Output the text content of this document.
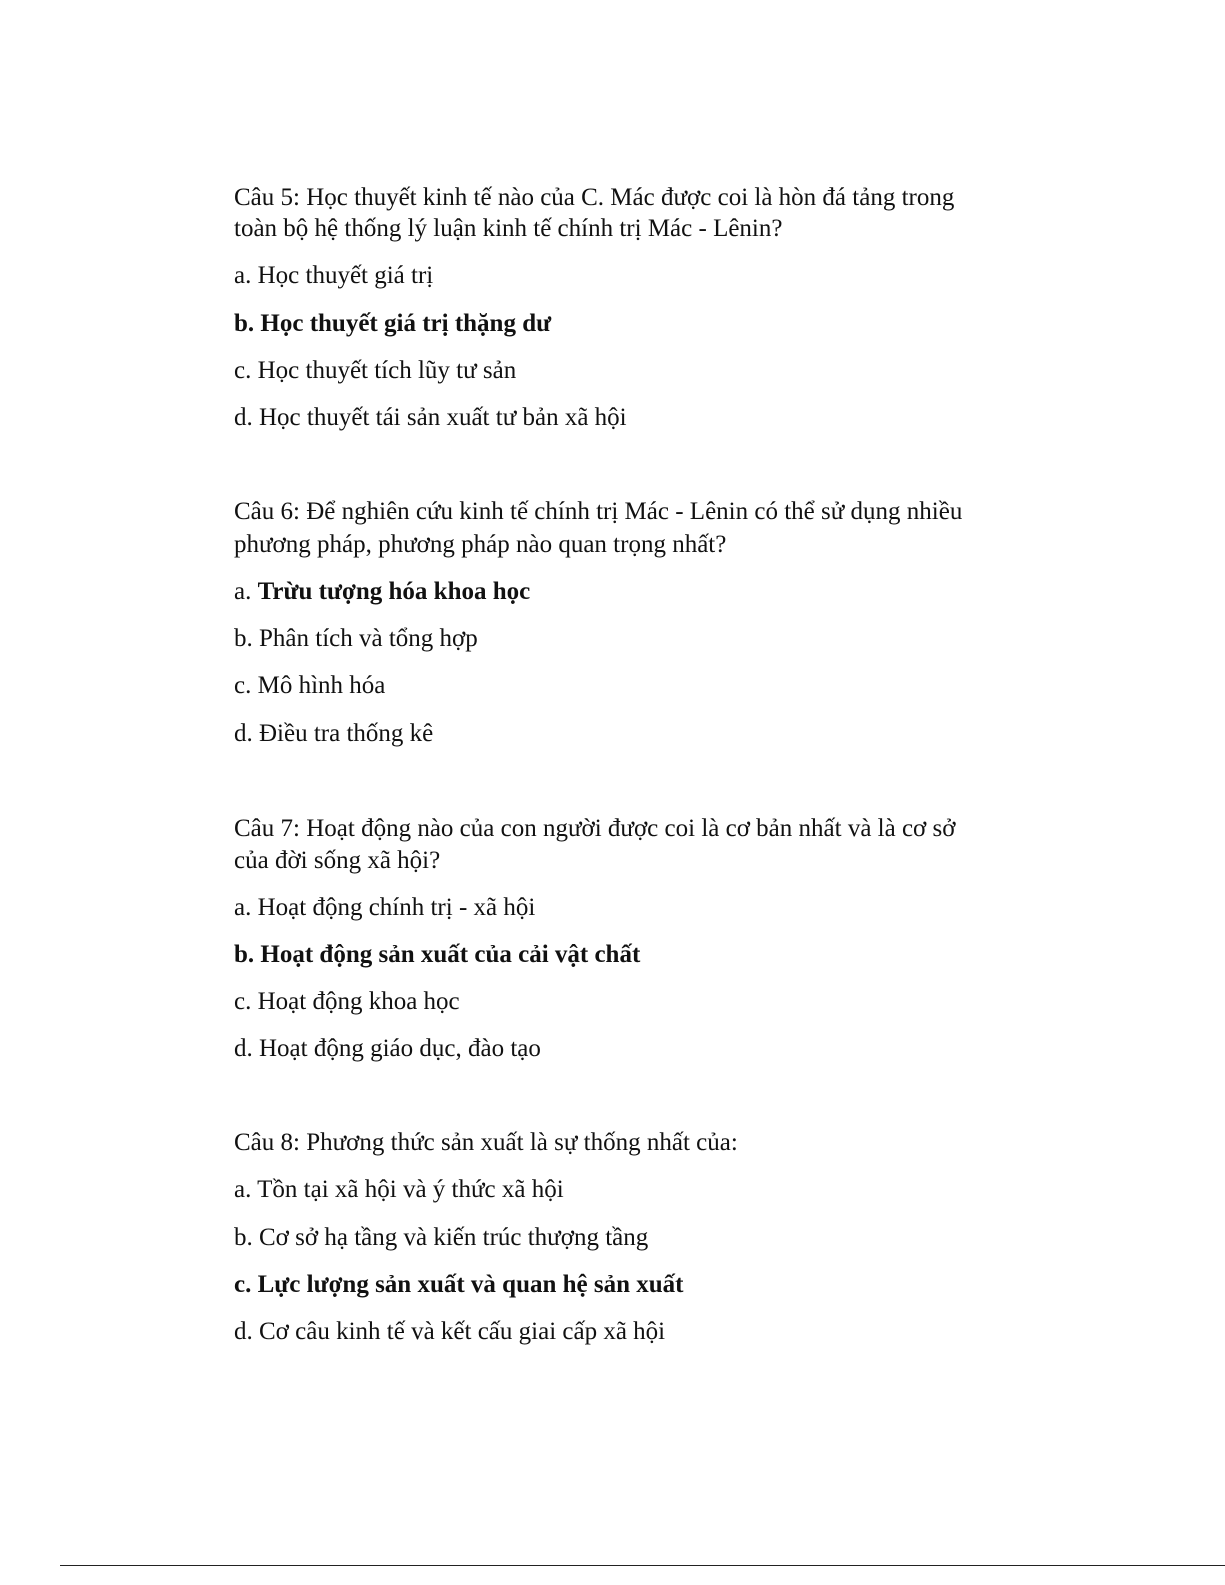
Câu 5: Học thuyết kinh tế nào của C. Mác được coi là hòn đá tảng trong

toàn bộ hệ thống lý luận kinh tế chính trị Mác - Lênin?

a. Học thuyết giá trị

b. Học thuyết giá trị thặng dư

c. Học thuyết tích lũy tư sản

d. Học thuyết tái sản xuất tư bản xã hội

Câu 6: Để nghiên cứu kinh tế chính trị Mác - Lênin có thể sử dụng nhiều

phương pháp, phương pháp nào quan trọng nhất?

a. Trừu tượng hóa khoa học

b. Phân tích và tổng hợp

c. Mô hình hóa

d. Điều tra thống kê

Câu 7: Hoạt động nào của con người được coi là cơ bản nhất và là cơ sở

của đời sống xã hội?

a. Hoạt động chính trị - xã hội

b. Hoạt động sản xuất của cải vật chất

c. Hoạt động khoa học

d. Hoạt động giáo dục, đào tạo

Câu 8: Phương thức sản xuất là sự thống nhất của:

a. Tồn tại xã hội và ý thức xã hội

b. Cơ sở hạ tầng và kiến trúc thượng tầng

c. Lực lượng sản xuất và quan hệ sản xuất

d. Cơ câu kinh tế và kết cấu giai cấp xã hội
